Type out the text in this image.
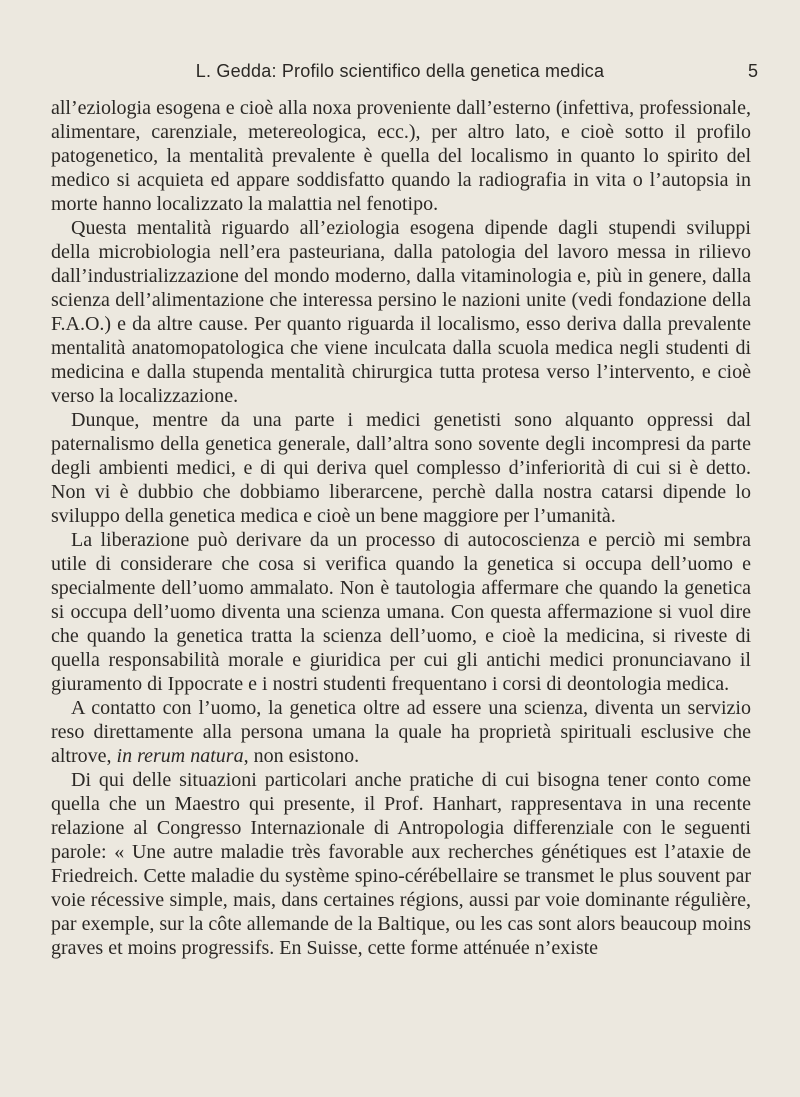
L. Gedda: Profilo scientifico della genetica medica	5

all’eziologia esogena e cioè alla noxa proveniente dall’esterno (infettiva, professionale, alimentare, carenziale, metereologica, ecc.), per altro lato, e cioè sotto il profilo patogenetico, la mentalità prevalente è quella del localismo in quanto lo spirito del medico si acquieta ed appare soddisfatto quando la radiografia in vita o l’autopsia in morte hanno localizzato la malattia nel fenotipo.

Questa mentalità riguardo all’eziologia esogena dipende dagli stupendi sviluppi della microbiologia nell’era pasteuriana, dalla patologia del lavoro messa in rilievo dall’industrializzazione del mondo moderno, dalla vitaminologia e, più in genere, dalla scienza dell’alimentazione che interessa persino le nazioni unite (vedi fondazione della F.A.O.) e da altre cause. Per quanto riguarda il localismo, esso deriva dalla prevalente mentalità anatomopatologica che viene inculcata dalla scuola medica negli studenti di medicina e dalla stupenda mentalità chirurgica tutta protesa verso l’intervento, e cioè verso la localizzazione.

Dunque, mentre da una parte i medici genetisti sono alquanto oppressi dal paternalismo della genetica generale, dall’altra sono sovente degli incompresi da parte degli ambienti medici, e di qui deriva quel complesso d’inferiorità di cui si è detto. Non vi è dubbio che dobbiamo liberarcene, perchè dalla nostra catarsi dipende lo sviluppo della genetica medica e cioè un bene maggiore per l’umanità.

La liberazione può derivare da un processo di autocoscienza e perciò mi sembra utile di considerare che cosa si verifica quando la genetica si occupa dell’uomo e specialmente dell’uomo ammalato. Non è tautologia affermare che quando la genetica si occupa dell’uomo diventa una scienza umana. Con questa affermazione si vuol dire che quando la genetica tratta la scienza dell’uomo, e cioè la medicina, si riveste di quella responsabilità morale e giuridica per cui gli antichi medici pronunciavano il giuramento di Ippocrate e i nostri studenti frequentano i corsi di deontologia medica.

A contatto con l’uomo, la genetica oltre ad essere una scienza, diventa un servizio reso direttamente alla persona umana la quale ha proprietà spirituali esclusive che altrove, in rerum natura, non esistono.

Di qui delle situazioni particolari anche pratiche di cui bisogna tener conto come quella che un Maestro qui presente, il Prof. Hanhart, rappresentava in una recente relazione al Congresso Internazionale di Antropologia differenziale con le seguenti parole: « Une autre maladie très favorable aux recherches génétiques est l’ataxie de Friedreich. Cette maladie du système spino-cérébellaire se transmet le plus souvent par voie récessive simple, mais, dans certaines régions, aussi par voie dominante régulière, par exemple, sur la côte allemande de la Baltique, ou les cas sont alors beaucoup moins graves et moins progressifs. En Suisse, cette forme atténuée n’existe
